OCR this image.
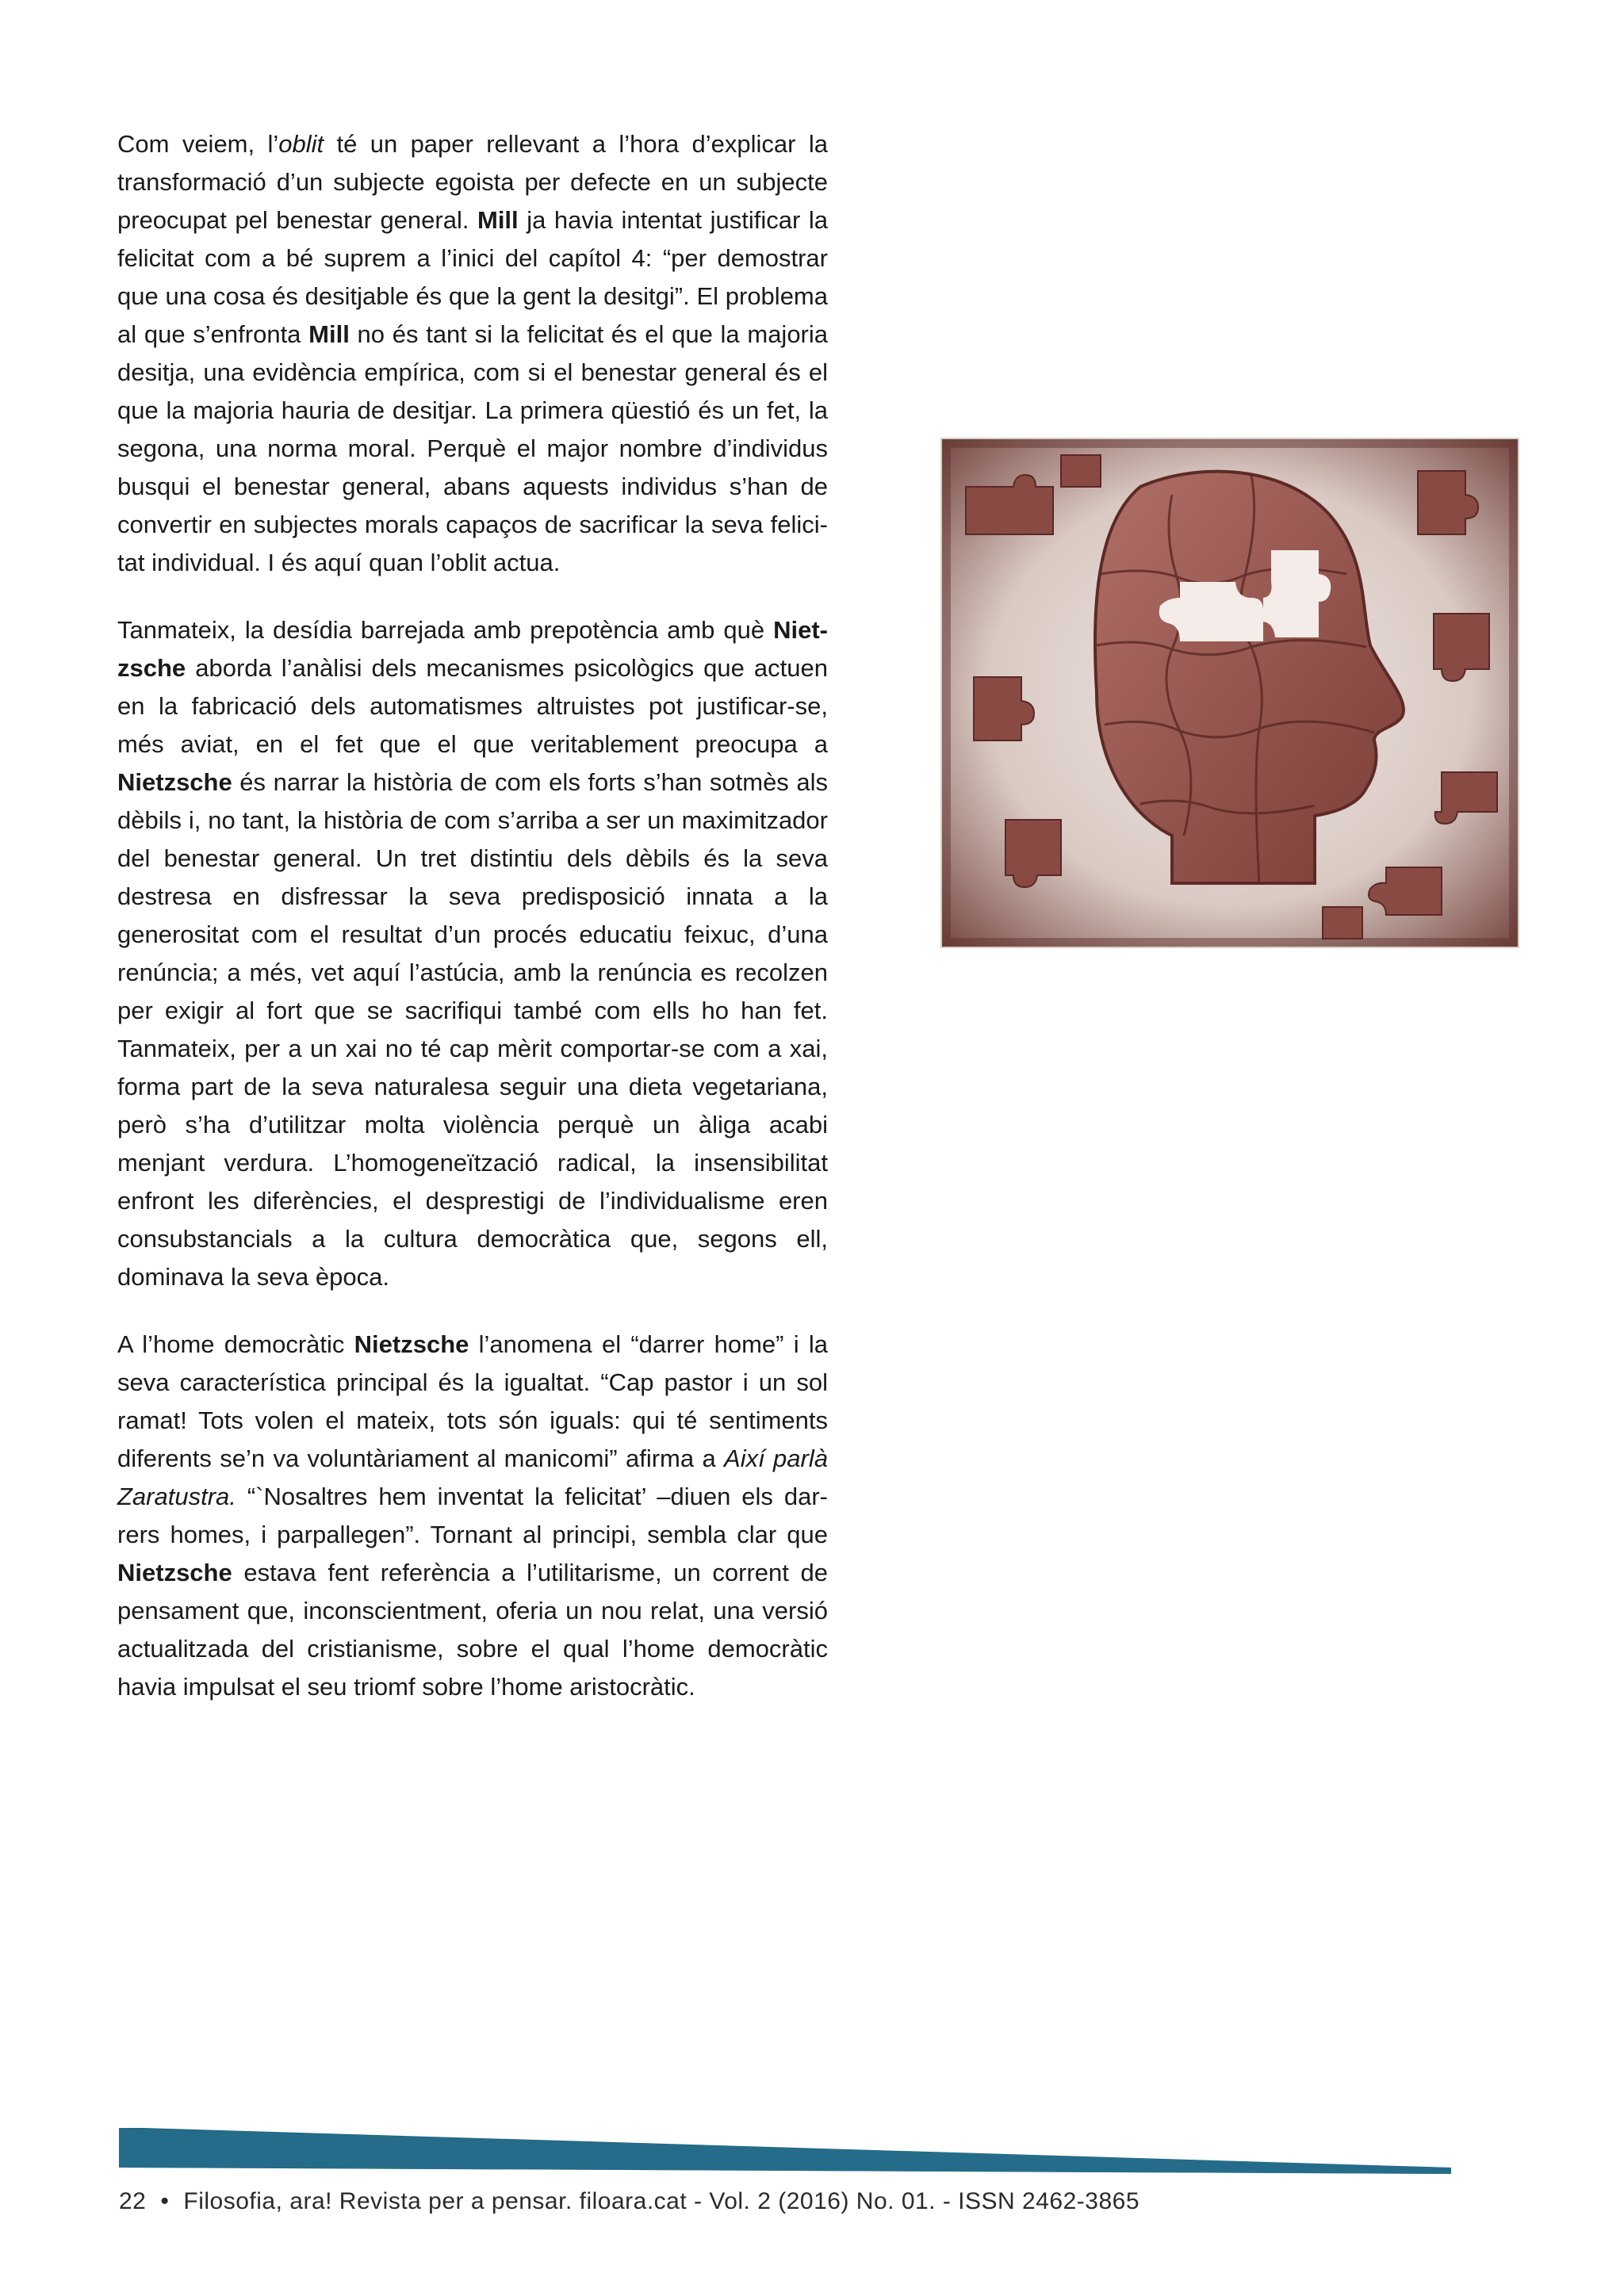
Com veiem, l’oblit té un paper rellevant a l’hora d’explicar la transformació d’un subjecte egoista per defecte en un subjecte preocupat pel benestar general. Mill ja havia intentat justificar la felicitat com a bé suprem a l’inici del capítol 4: “per demostrar que una cosa és desitjable és que la gent la desitgi”. El problema al que s’enfronta Mill no és tant si la felicitat és el que la majoria desitja, una evidència empírica, com si el benestar general és el que la majoria hauria de desitjar. La primera qüestió és un fet, la segona, una norma moral. Perquè el major nombre d’individus busqui el benestar general, abans aquests individus s’han de convertir en subjectes morals capaços de sacrificar la seva felicitat individual. I és aquí quan l’oblit actua.

Tanmateix, la desídia barrejada amb prepotència amb què Nietzsche aborda l’anàlisi dels mecanismes psicològics que actuen en la fabricació dels automatismes altruistes pot justificar-se, més aviat, en el fet que el que veritablement preocupa a Nietzsche és narrar la història de com els forts s’han sotmès als dèbils i, no tant, la història de com s’arriba a ser un maximitzador del benestar general. Un tret distintiu dels dèbils és la seva destresa en disfressar la seva predisposició innata a la generositat com el resultat d’un procés educatiu feixuc, d’una renúncia; a més, vet aquí l’astúcia, amb la renúncia es recolzen per exigir al fort que se sacrifiqui també com ells ho han fet. Tanmateix, per a un xai no té cap mèrit comportar-se com a xai, forma part de la seva naturalesa seguir una dieta vegetariana, però s’ha d’utilitzar molta violència perquè un àliga acabi menjant verdura. L’homogeneïtzació radical, la insensibilitat enfront les diferències, el desprestigi de l’individualisme eren consubstancials a la cultura democràtica que, segons ell, dominava la seva època.

A l’home democràtic Nietzsche l’anomena el “darrer home” i la seva característica principal és la igualtat. “Cap pastor i un sol ramat! Tots volen el mateix, tots són iguals: qui té sentiments diferents se’n va voluntàriament al manicomi” afirma a Així parlà Zaratustra. “`Nosaltres hem inventat la felicitat’ –diuen els darrers homes, i parpallegen”. Tornant al principi, sembla clar que Nietzsche estava fent referència a l’utilitarisme, un corrent de pensament que, inconscientment, oferia un nou relat, una versió actualitzada del cristianisme, sobre el qual l’home democràtic havia impulsat el seu triomf sobre l’home aristocràtic.

22 • Filosofia, ara! Revista per a pensar. filoara.cat - Vol. 2 (2016) No. 01. - ISSN 2462-3865
